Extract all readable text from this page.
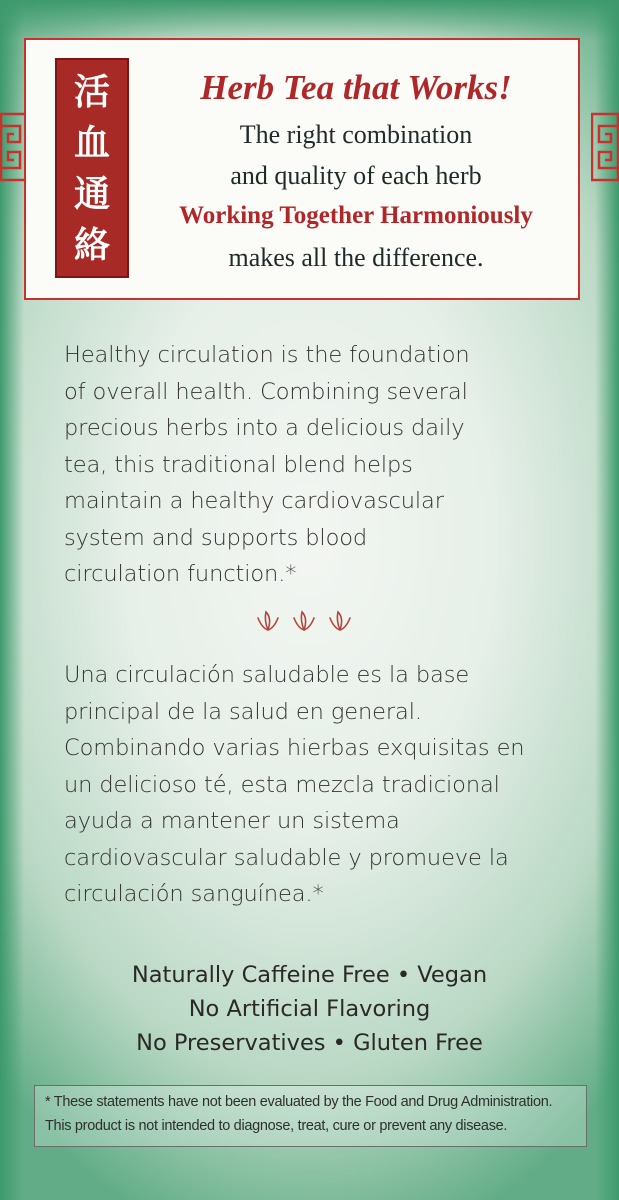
活
血
通
絡
Herb Tea that Works!
The right combination
and quality of each herb
Working Together Harmoniously
makes all the difference.
Healthy circulation is the foundation
of overall health. Combining several
precious herbs into a delicious daily
tea, this traditional blend helps
maintain a healthy cardiovascular
system and supports blood
circulation function.*
Una circulación saludable es la base
principal de la salud en general.
Combinando varias hierbas exquisitas en
un delicioso té, esta mezcla tradicional
ayuda a mantener un sistema
cardiovascular saludable y promueve la
circulación sanguínea.*
Naturally Caffeine Free • Vegan
No Artificial Flavoring
No Preservatives • Gluten Free
* These statements have not been evaluated by the Food and Drug Administration.
This product is not intended to diagnose, treat, cure or prevent any disease.
